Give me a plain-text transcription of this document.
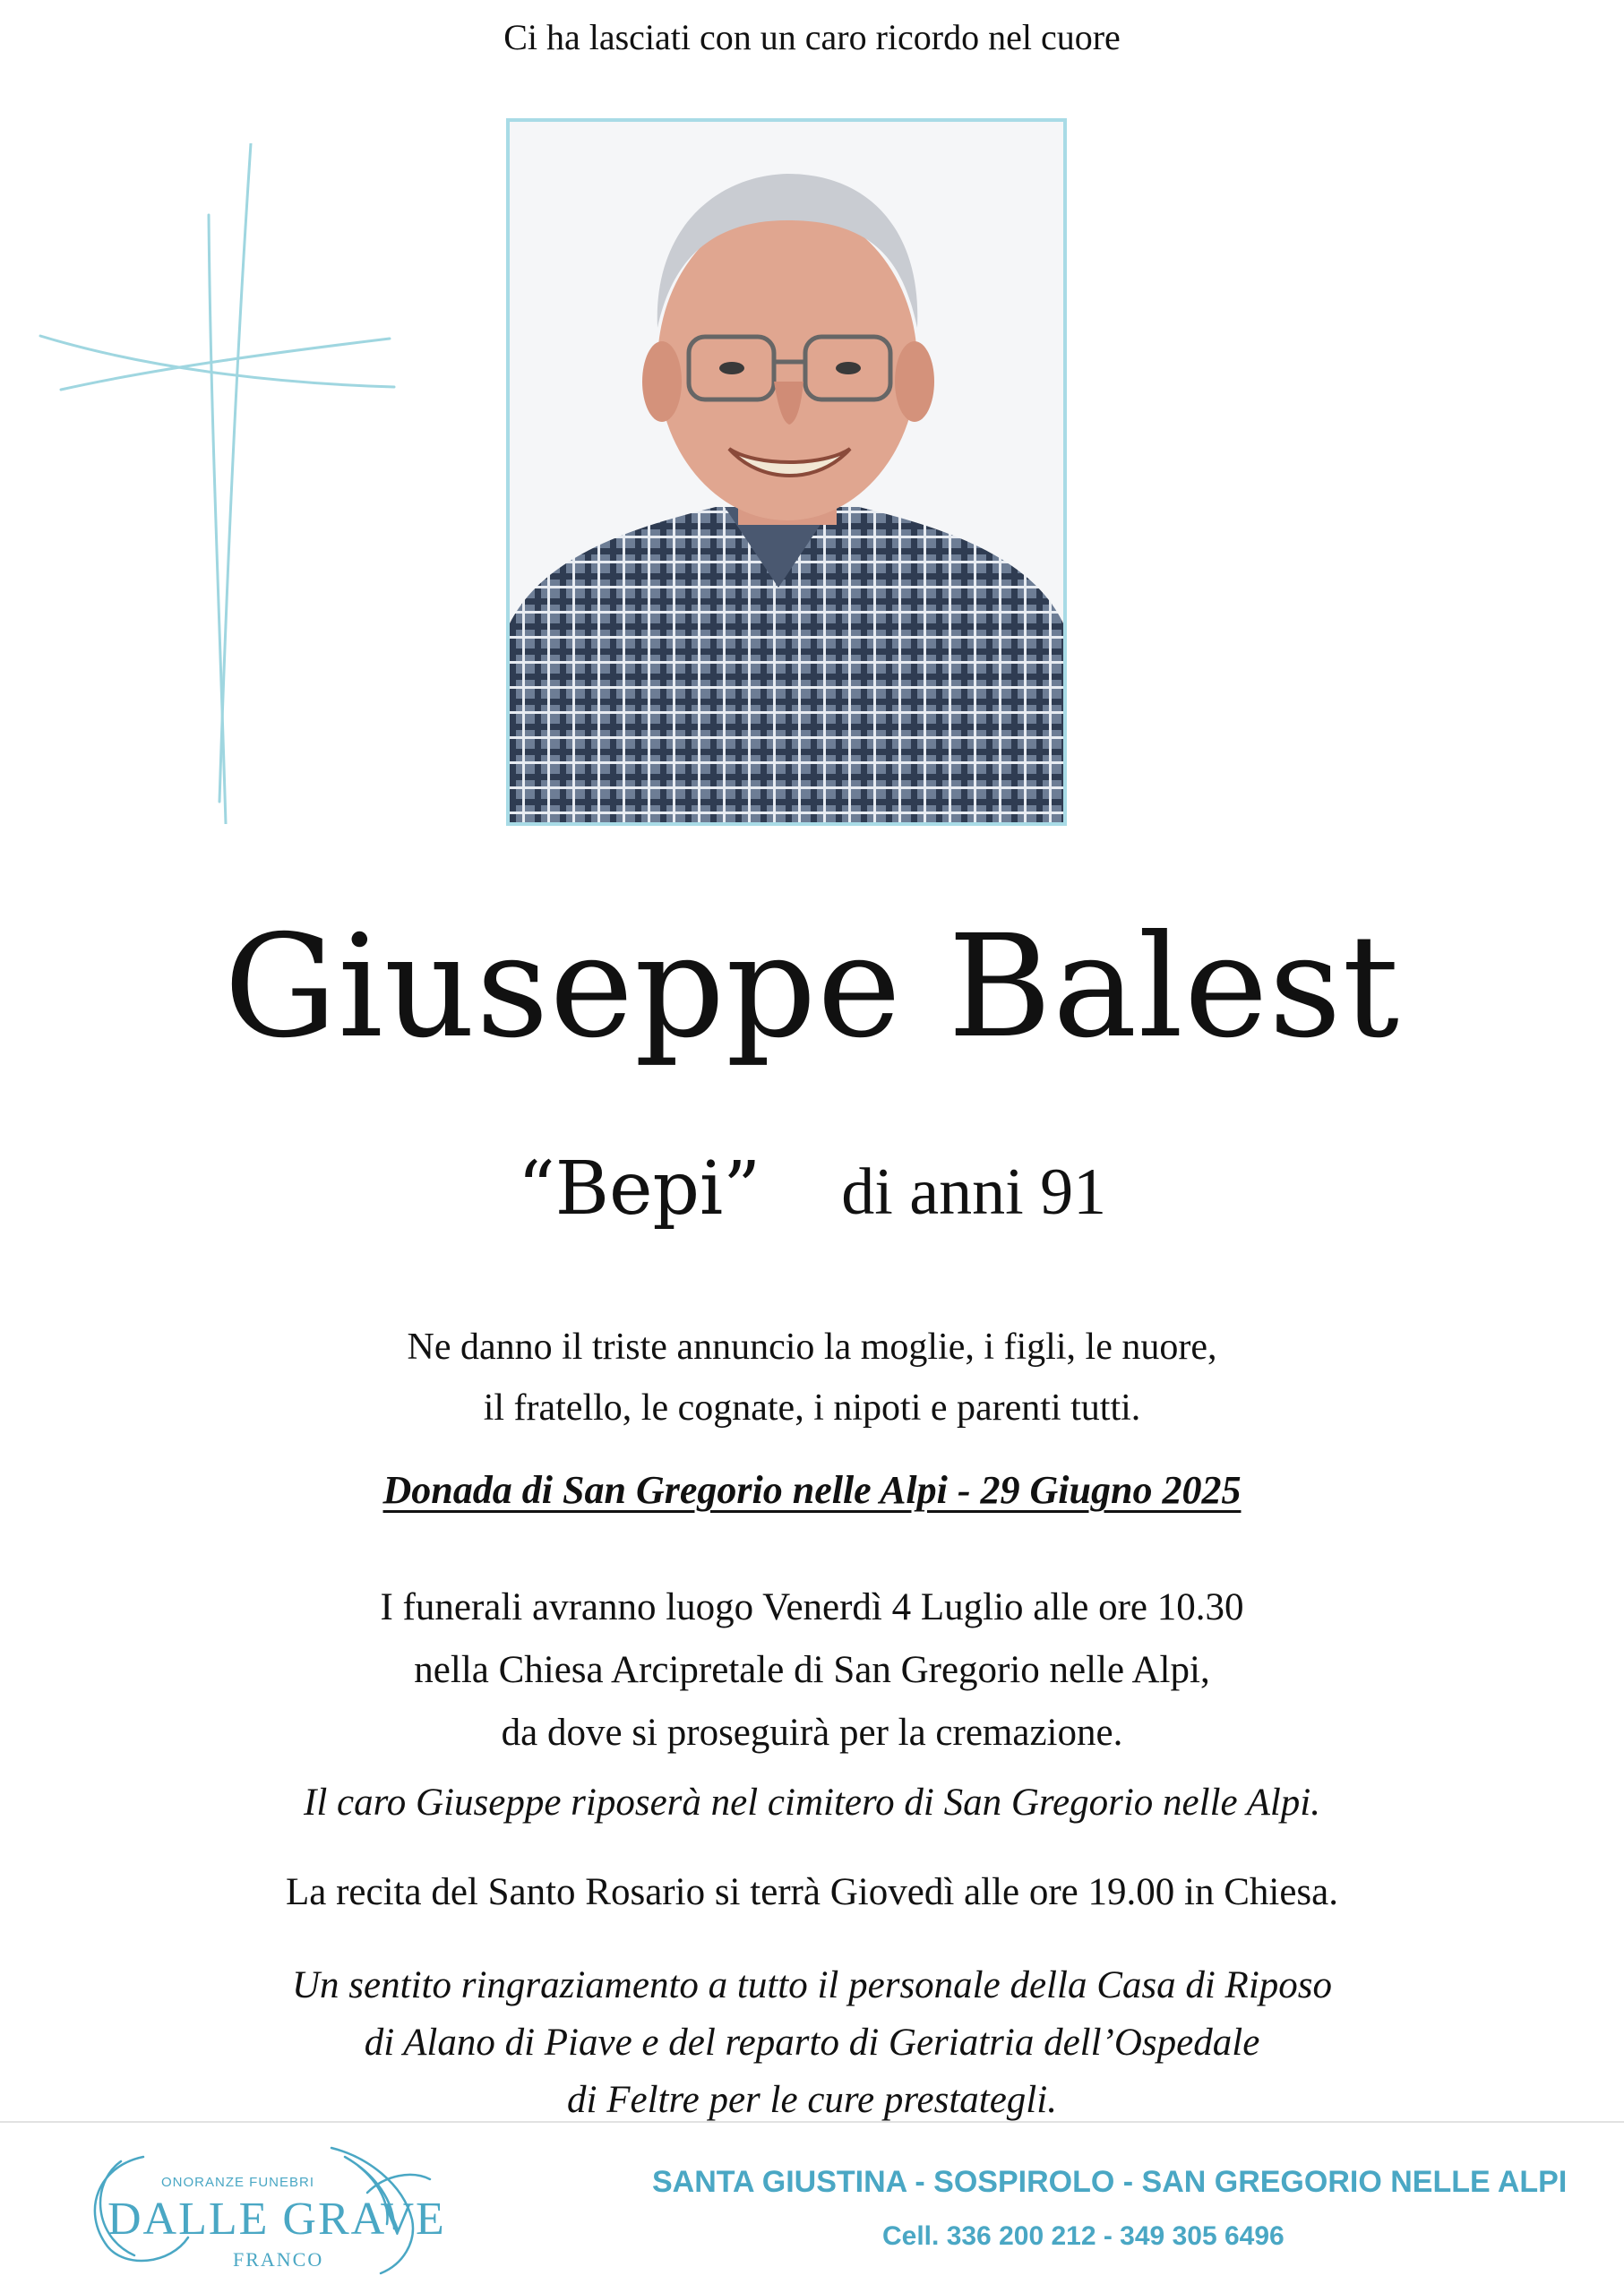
Ci ha lasciati con un caro ricordo nel cuore
Giuseppe Balest
“Bepi” di anni 91
Ne danno il triste annuncio la moglie, i figli, le nuore,
il fratello, le cognate, i nipoti e parenti tutti.
Donada di San Gregorio nelle Alpi - 29 Giugno 2025
I funerali avranno luogo Venerdì 4 Luglio alle ore 10.30
nella Chiesa Arcipretale di San Gregorio nelle Alpi,
da dove si proseguirà per la cremazione.
Il caro Giuseppe riposerà nel cimitero di San Gregorio nelle Alpi.
La recita del Santo Rosario si terrà Giovedì alle ore 19.00 in Chiesa.
Un sentito ringraziamento a tutto il personale della Casa di Riposo
di Alano di Piave e del reparto di Geriatria dell’Ospedale
di Feltre per le cure prestategli.
ONORANZE FUNEBRI
DALLE GRAVE
FRANCO
SANTA GIUSTINA - SOSPIROLO - SAN GREGORIO NELLE ALPI
Cell. 336 200 212 - 349 305 6496
